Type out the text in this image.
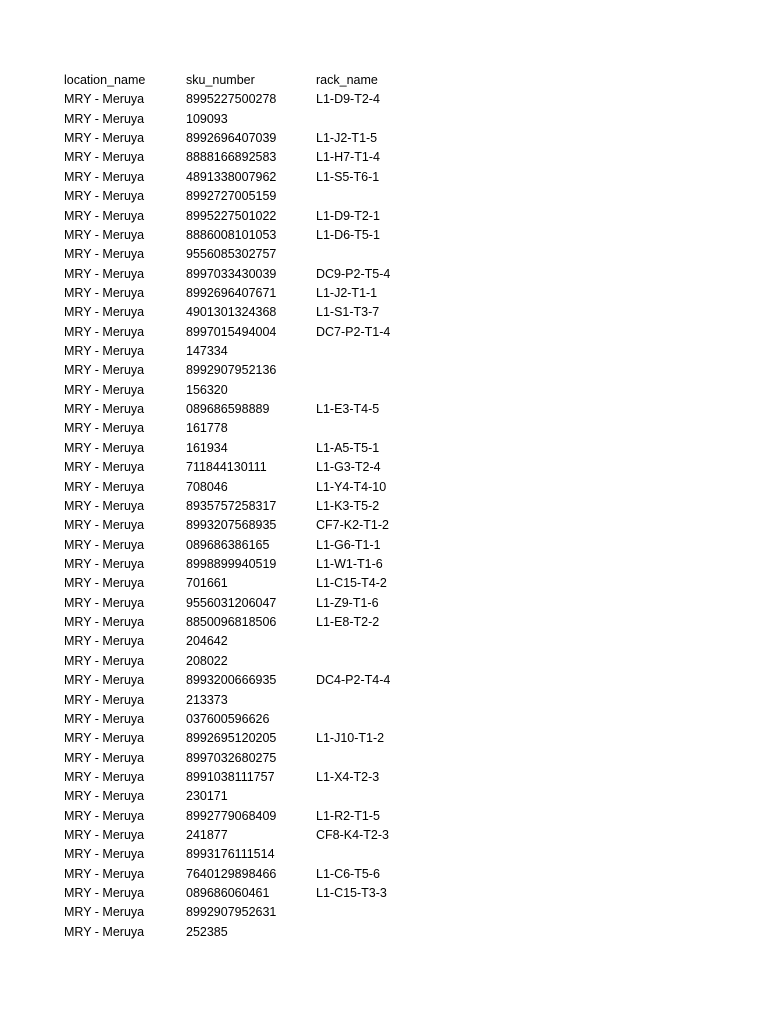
location_name	sku_number	rack_name
MRY - Meruya	8995227500278	L1-D9-T2-4
MRY - Meruya	109093	
MRY - Meruya	8992696407039	L1-J2-T1-5
MRY - Meruya	8888166892583	L1-H7-T1-4
MRY - Meruya	4891338007962	L1-S5-T6-1
MRY - Meruya	8992727005159	
MRY - Meruya	8995227501022	L1-D9-T2-1
MRY - Meruya	8886008101053	L1-D6-T5-1
MRY - Meruya	9556085302757	
MRY - Meruya	8997033430039	DC9-P2-T5-4
MRY - Meruya	8992696407671	L1-J2-T1-1
MRY - Meruya	4901301324368	L1-S1-T3-7
MRY - Meruya	8997015494004	DC7-P2-T1-4
MRY - Meruya	147334	
MRY - Meruya	8992907952136	
MRY - Meruya	156320	
MRY - Meruya	089686598889	L1-E3-T4-5
MRY - Meruya	161778	
MRY - Meruya	161934	L1-A5-T5-1
MRY - Meruya	711844130111	L1-G3-T2-4
MRY - Meruya	708046	L1-Y4-T4-10
MRY - Meruya	8935757258317	L1-K3-T5-2
MRY - Meruya	8993207568935	CF7-K2-T1-2
MRY - Meruya	089686386165	L1-G6-T1-1
MRY - Meruya	8998899940519	L1-W1-T1-6
MRY - Meruya	701661	L1-C15-T4-2
MRY - Meruya	9556031206047	L1-Z9-T1-6
MRY - Meruya	8850096818506	L1-E8-T2-2
MRY - Meruya	204642	
MRY - Meruya	208022	
MRY - Meruya	8993200666935	DC4-P2-T4-4
MRY - Meruya	213373	
MRY - Meruya	037600596626	
MRY - Meruya	8992695120205	L1-J10-T1-2
MRY - Meruya	8997032680275	
MRY - Meruya	8991038111757	L1-X4-T2-3
MRY - Meruya	230171	
MRY - Meruya	8992779068409	L1-R2-T1-5
MRY - Meruya	241877	CF8-K4-T2-3
MRY - Meruya	8993176111514	
MRY - Meruya	7640129898466	L1-C6-T5-6
MRY - Meruya	089686060461	L1-C15-T3-3
MRY - Meruya	8992907952631	
MRY - Meruya	252385	
